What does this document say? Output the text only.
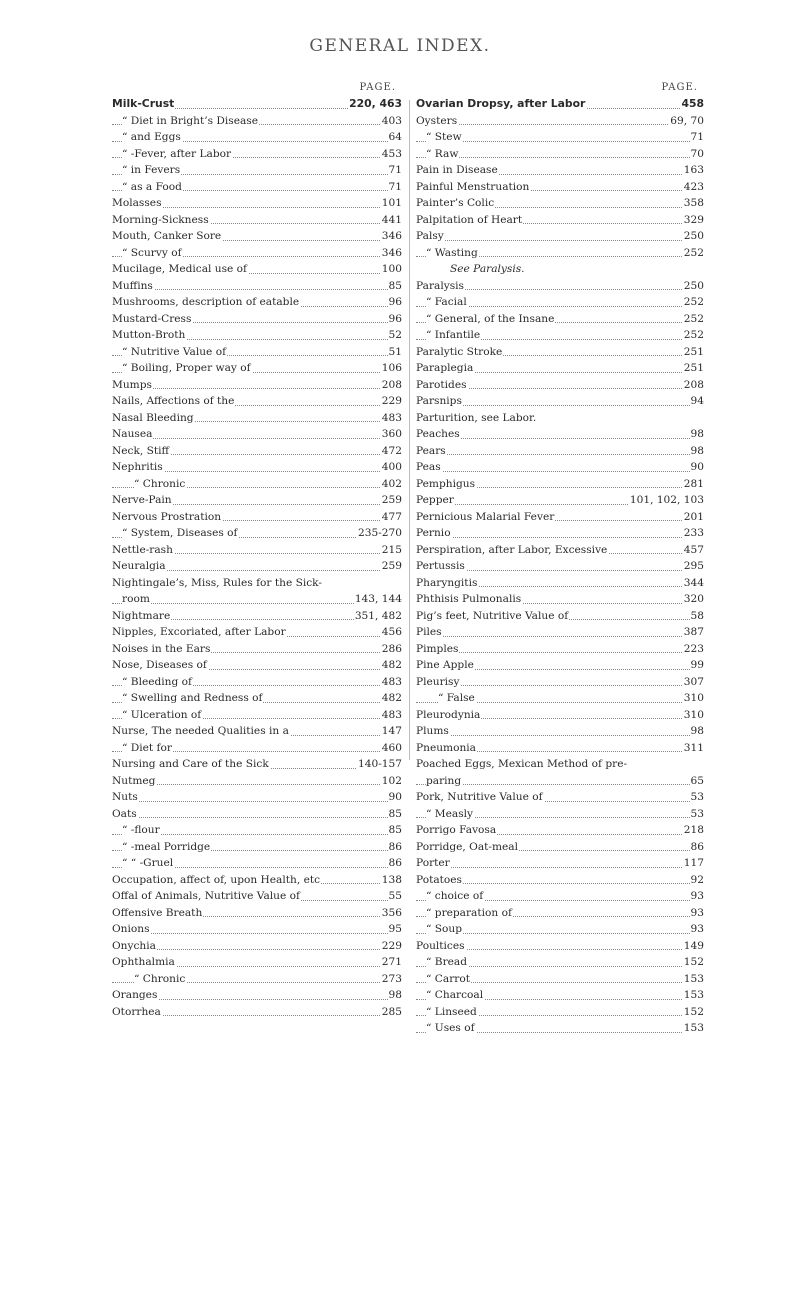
GENERAL INDEX.
PAGE.
Milk-Crust	220, 463
“ Diet in Bright’s Disease	403
“ and Eggs	64
“ -Fever, after Labor	453
“ in Fevers	71
“ as a Food	71
Molasses	101
Morning-Sickness	441
Mouth, Canker Sore	346
“ Scurvy of	346
Mucilage, Medical use of	100
Muffins	85
Mushrooms, description of eatable	96
Mustard-Cress	96
Mutton-Broth	52
“ Nutritive Value of	51
“ Boiling, Proper way of	106
Mumps	208
Nails, Affections of the	229
Nasal Bleeding	483
Nausea	360
Neck, Stiff	472
Nephritis	400
“ Chronic	402
Nerve-Pain	259
Nervous Prostration	477
“ System, Diseases of	235-270
Nettle-rash	215
Neuralgia	259
Nightingale’s, Miss, Rules for the Sick-
room	143, 144
Nightmare	351, 482
Nipples, Excoriated, after Labor	456
Noises in the Ears	286
Nose, Diseases of	482
“ Bleeding of	483
“ Swelling and Redness of	482
“ Ulceration of	483
Nurse, The needed Qualities in a	147
“ Diet for	460
Nursing and Care of the Sick	140-157
Nutmeg	102
Nuts	90
Oats	85
“ -flour	85
“ -meal Porridge	86
“ “ -Gruel	86
Occupation, affect of, upon Health, etc	138
Offal of Animals, Nutritive Value of	55
Offensive Breath	356
Onions	95
Onychia	229
Ophthalmia	271
“ Chronic	273
Oranges	98
Otorrhea	285
PAGE.
Ovarian Dropsy, after Labor	458
Oysters	69, 70
“ Stew	71
“ Raw	70
Pain in Disease	163
Painful Menstruation	423
Painter’s Colic	358
Palpitation of Heart	329
Palsy	250
“ Wasting	252
See Paralysis.
Paralysis	250
“ Facial	252
“ General, of the Insane	252
“ Infantile	252
Paralytic Stroke	251
Paraplegia	251
Parotides	208
Parsnips	94
Parturition, see Labor.
Peaches	98
Pears	98
Peas	90
Pemphigus	281
Pepper	101, 102, 103
Pernicious Malarial Fever	201
Pernio	233
Perspiration, after Labor, Excessive	457
Pertussis	295
Pharyngitis	344
Phthisis Pulmonalis	320
Pig’s feet, Nutritive Value of	58
Piles	387
Pimples	223
Pine Apple	99
Pleurisy	307
“ False	310
Pleurodynia	310
Plums	98
Pneumonia	311
Poached Eggs, Mexican Method of pre-
paring	65
Pork, Nutritive Value of	53
“ Measly	53
Porrigo Favosa	218
Porridge, Oat-meal	86
Porter	117
Potatoes	92
“ choice of	93
“ preparation of	93
“ Soup	93
Poultices	149
“ Bread	152
“ Carrot	153
“ Charcoal	153
“ Linseed	152
“ Uses of	153
